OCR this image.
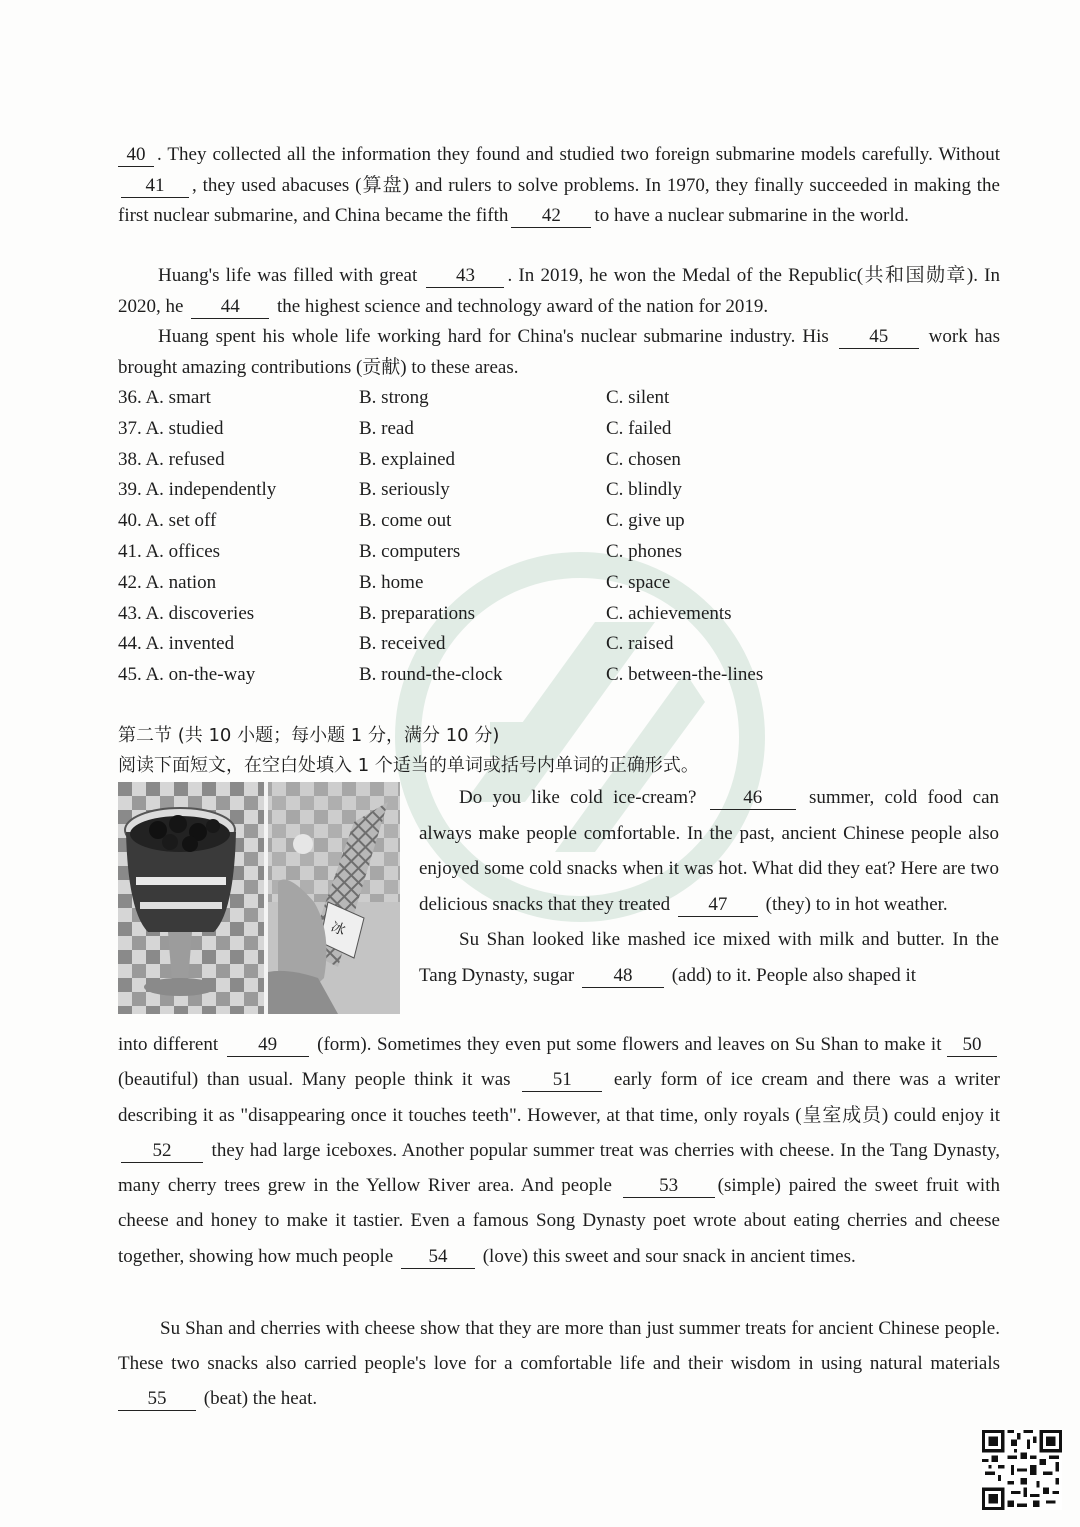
40 . They collected all the information they found and studied two foreign submarine models carefully. Without 41 , they used abacuses (算盘) and rulers to solve problems. In 1970, they finally succeeded in making the first nuclear submarine, and China became the fifth 42 to have a nuclear submarine in the world.

Huang's life was filled with great 43 . In 2019, he won the Medal of the Republic(共和国勋章). In 2020, he 44 the highest science and technology award of the nation for 2019.

Huang spent his whole life working hard for China's nuclear submarine industry. His 45 work has brought amazing contributions (贡献) to these areas.

36. A. smart	B. strong	C. silent
37. A. studied	B. read	C. failed
38. A. refused	B. explained	C. chosen
39. A. independently	B. seriously	C. blindly
40. A. set off	B. come out	C. give up
41. A. offices	B. computers	C. phones
42. A. nation	B. home	C. space
43. A. discoveries	B. preparations	C. achievements
44. A. invented	B. received	C. raised
45. A. on-the-way	B. round-the-clock	C. between-the-lines
第二节 (共 10 小题；每小题 1 分，满分 10 分)
阅读下面短文，在空白处填入 1 个适当的单词或括号内单词的正确形式。
冰

Do you like cold ice-cream? 46 summer, cold food can always make people comfortable. In the past, ancient Chinese people also enjoyed some cold snacks when it was hot. What did they eat? Here are two delicious snacks that they treated 47 (they) to in hot weather.
Su Shan looked like mashed ice mixed with milk and butter. In the Tang Dynasty, sugar 48 (add) to it. People also shaped it

into different 49 (form). Sometimes they even put some flowers and leaves on Su Shan to make it 50 (beautiful) than usual. Many people think it was 51 early form of ice cream and there was a writer describing it as "disappearing once it touches teeth". However, at that time, only royals (皇室成员) could enjoy it 52 they had large iceboxes. Another popular summer treat was cherries with cheese. In the Tang Dynasty, many cherry trees grew in the Yellow River area. And people 53 (simple) paired the sweet fruit with cheese and honey to make it tastier. Even a famous Song Dynasty poet wrote about eating cherries and cheese together, showing how much people 54 (love) this sweet and sour snack in ancient times.

Su Shan and cherries with cheese show that they are more than just summer treats for ancient Chinese people. These two snacks also carried people's love for a comfortable life and their wisdom in using natural materials55 (beat) the heat.
